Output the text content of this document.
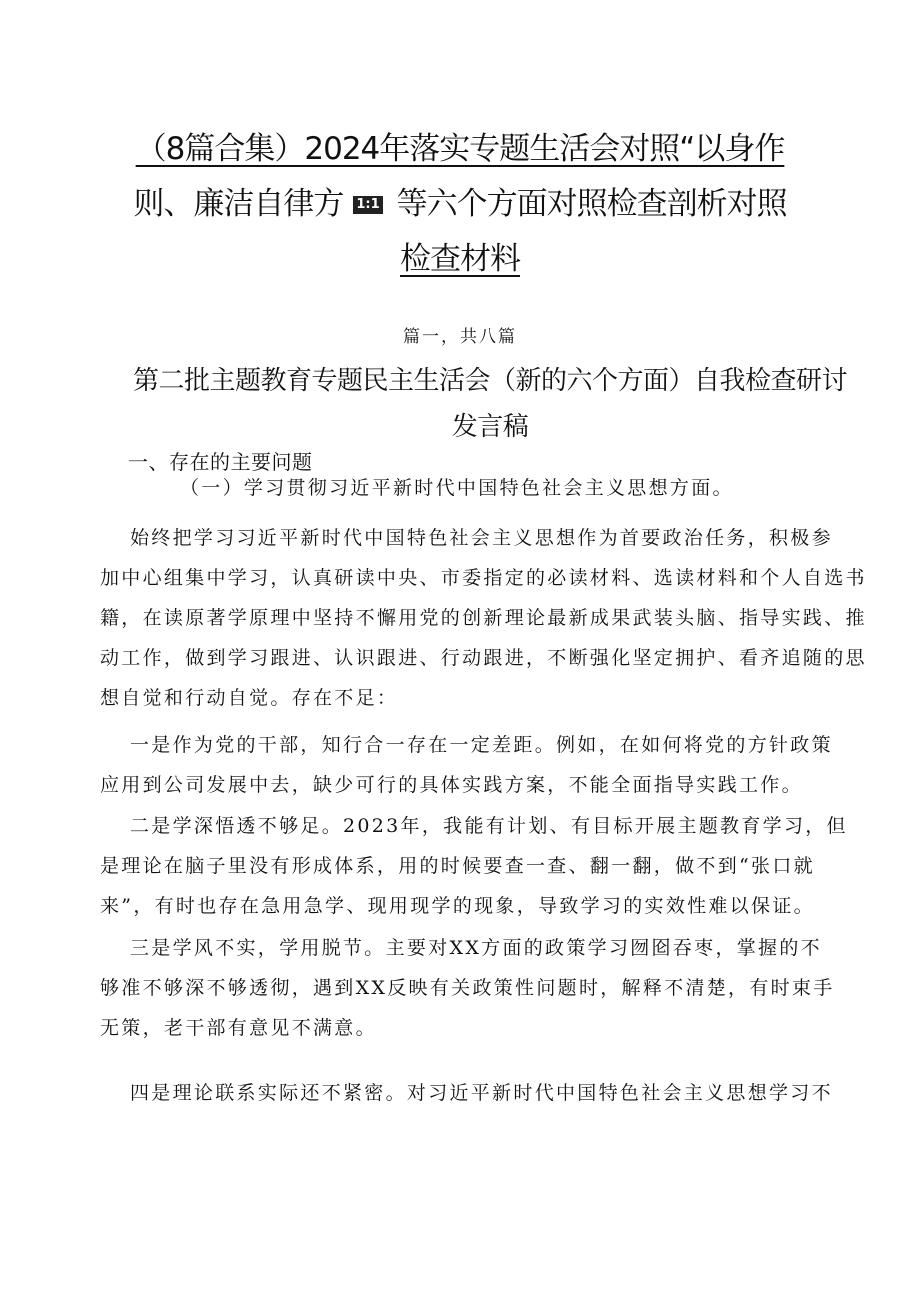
（8篇合集）2024年落实专题生活会对照“以身作
则、廉洁自律方 1:1 等六个方面对照检查剖析对照
检查材料
篇一，共八篇
第二批主题教育专题民主生活会（新的六个方面）自我检查研讨
发言稿
一、存在的主要问题
（一）学习贯彻习近平新时代中国特色社会主义思想方面。
始终把学习习近平新时代中国特色社会主义思想作为首要政治任务，积极参
加中心组集中学习，认真研读中央、市委指定的必读材料、选读材料和个人自选书
籍，在读原著学原理中坚持不懈用党的创新理论最新成果武装头脑、指导实践、推
动工作，做到学习跟进、认识跟进、行动跟进，不断强化坚定拥护、看齐追随的思
想自觉和行动自觉。存在不足：
一是作为党的干部，知行合一存在一定差距。例如，在如何将党的方针政策
应用到公司发展中去，缺少可行的具体实践方案，不能全面指导实践工作。
二是学深悟透不够足。2023年，我能有计划、有目标开展主题教育学习，但
是理论在脑子里没有形成体系，用的时候要查一查、翻一翻，做不到“张口就
来”，有时也存在急用急学、现用现学的现象，导致学习的实效性难以保证。
三是学风不实，学用脱节。主要对XX方面的政策学习囫囵吞枣，掌握的不
够准不够深不够透彻，遇到XX反映有关政策性问题时，解释不清楚，有时束手
无策，老干部有意见不满意。
四是理论联系实际还不紧密。对习近平新时代中国特色社会主义思想学习不
